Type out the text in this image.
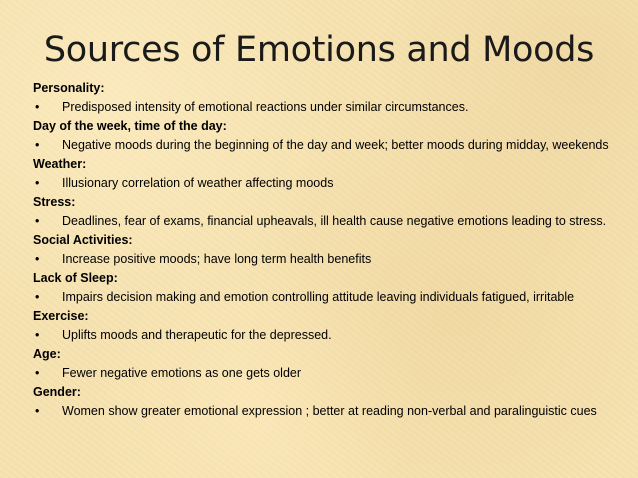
Sources of Emotions and Moods
Personality:
• Predisposed intensity of emotional reactions under similar circumstances.
Day of the week, time of the day:
• Negative moods during the beginning of the day and week; better moods during midday, weekends
Weather:
• Illusionary correlation of weather affecting moods
Stress:
• Deadlines, fear of exams, financial upheavals, ill health cause negative emotions leading to stress.
Social Activities:
• Increase positive moods; have long term health benefits
Lack of Sleep:
• Impairs decision making and emotion controlling attitude leaving individuals fatigued, irritable
Exercise:
• Uplifts moods and therapeutic for the depressed.
Age:
• Fewer negative emotions as one gets older
Gender:
• Women show greater emotional expression ; better at reading non-verbal and paralinguistic cues
